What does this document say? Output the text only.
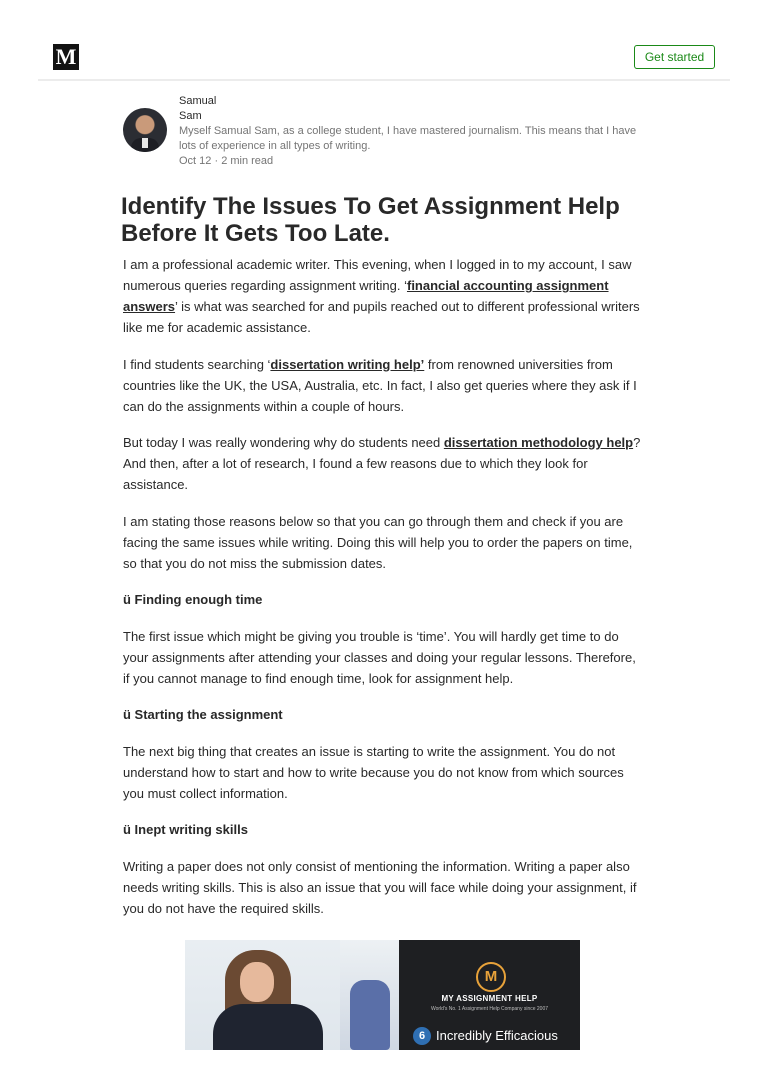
M	Get started
Samual
Sam
Myself Samual Sam, as a college student, I have mastered journalism. This means that I have lots of experience in all types of writing.
Oct 12 · 2 min read
Identify The Issues To Get Assignment Help Before It Gets Too Late.

I am a professional academic writer. This evening, when I logged in to my account, I saw numerous queries regarding assignment writing. ‘financial accounting assignment answers’ is what was searched for and pupils reached out to different professional writers like me for academic assistance.

I find students searching ‘dissertation writing help’ from renowned universities from countries like the UK, the USA, Australia, etc. In fact, I also get queries where they ask if I can do the assignments within a couple of hours.

But today I was really wondering why do students need dissertation methodology help? And then, after a lot of research, I found a few reasons due to which they look for assistance.

I am stating those reasons below so that you can go through them and check if you are facing the same issues while writing. Doing this will help you to order the papers on time, so that you do not miss the submission dates.

ü Finding enough time

The first issue which might be giving you trouble is ‘time’. You will hardly get time to do your assignments after attending your classes and doing your regular lessons. Therefore, if you cannot manage to find enough time, look for assignment help.

ü Starting the assignment

The next big thing that creates an issue is starting to write the assignment. You do not understand how to start and how to write because you do not know from which sources you must collect information.

ü Inept writing skills

Writing a paper does not only consist of mentioning the information. Writing a paper also needs writing skills. This is also an issue that you will face while doing your assignment, if you do not have the required skills.

M
MY ASSIGNMENT HELP
World's No. 1 Assignment Help Company since 2007
6 Incredibly Efficacious
